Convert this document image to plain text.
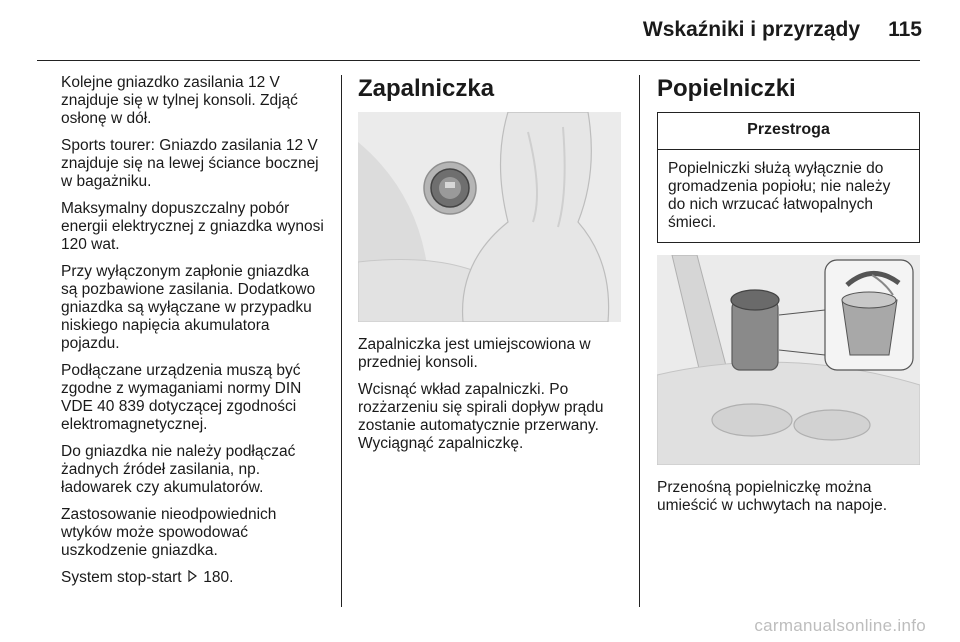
Wskaźniki i przyrządy	115

Kolejne gniazdko zasilania 12 V znajduje się w tylnej konsoli. Zdjąć osłonę w dół.

Sports tourer: Gniazdo zasilania 12 V znajduje się na lewej ściance bocznej w bagażniku.

Maksymalny dopuszczalny pobór energii elektrycznej z gniazdka wynosi 120 wat.

Przy wyłączonym zapłonie gniazdka są pozbawione zasilania. Dodatkowo gniazdka są wyłączane w przypadku niskiego napięcia akumulatora pojazdu.

Podłączane urządzenia muszą być zgodne z wymaganiami normy DIN VDE 40 839 dotyczącej zgodności elektromagnetycznej.

Do gniazdka nie należy podłączać żadnych źródeł zasilania, np. ładowarek czy akumulatorów.

Zastosowanie nieodpowiednich wtyków może spowodować uszkodzenie gniazdka.

System stop-start 180.

Zapalniczka

Zapalniczka jest umiejscowiona w przedniej konsoli.

Wcisnąć wkład zapalniczki. Po rozżarzeniu się spirali dopływ prądu zostanie automatycznie przerwany. Wyciągnąć zapalniczkę.

Popielniczki
Przestroga
Popielniczki służą wyłącznie do gromadzenia popiołu; nie należy do nich wrzucać łatwopalnych śmieci.

Przenośną popielniczkę można umieścić w uchwytach na napoje.

carmanualsonline.info
